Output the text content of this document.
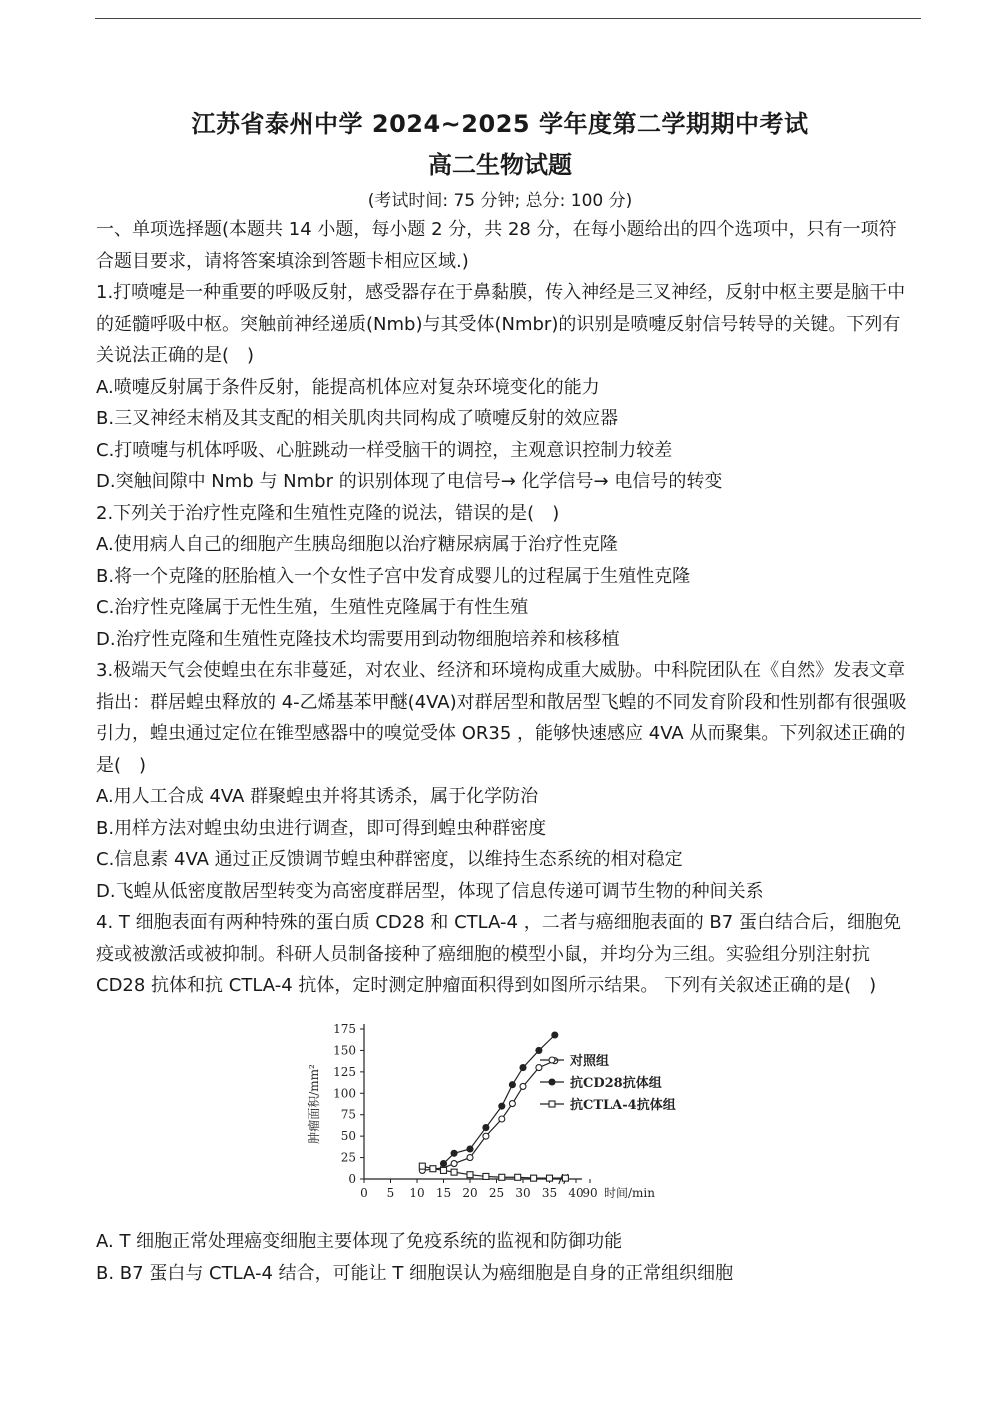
江苏省泰州中学 2024~2025 学年度第二学期期中考试
高二生物试题
(考试时间: 75 分钟; 总分: 100 分)

一、单项选择题(本题共 14 小题，每小题 2 分，共 28 分，在每小题给出的四个选项中，只有一项符合题目要求，请将答案填涂到答题卡相应区域.)

1.打喷嚏是一种重要的呼吸反射，感受器存在于鼻黏膜，传入神经是三叉神经，反射中枢主要是脑干中的延髓呼吸中枢。突触前神经递质(Nmb)与其受体(Nmbr)的识别是喷嚏反射信号转导的关键。下列有关说法正确的是(　)

A.喷嚏反射属于条件反射，能提高机体应对复杂环境变化的能力

B.三叉神经末梢及其支配的相关肌肉共同构成了喷嚏反射的效应器

C.打喷嚏与机体呼吸、心脏跳动一样受脑干的调控，主观意识控制力较差

D.突触间隙中 Nmb 与 Nmbr 的识别体现了电信号→ 化学信号→ 电信号的转变

2.下列关于治疗性克隆和生殖性克隆的说法，错误的是(　)

A.使用病人自己的细胞产生胰岛细胞以治疗糖尿病属于治疗性克隆

B.将一个克隆的胚胎植入一个女性子宫中发育成婴儿的过程属于生殖性克隆

C.治疗性克隆属于无性生殖，生殖性克隆属于有性生殖

D.治疗性克隆和生殖性克隆技术均需要用到动物细胞培养和核移植

3.极端天气会使蝗虫在东非蔓延，对农业、经济和环境构成重大威胁。中科院团队在《自然》发表文章指出：群居蝗虫释放的 4-乙烯基苯甲醚(4VA)对群居型和散居型飞蝗的不同发育阶段和性别都有很强吸引力，蝗虫通过定位在锥型感器中的嗅觉受体 OR35 ，能够快速感应 4VA 从而聚集。下列叙述正确的是(　)

A.用人工合成 4VA 群聚蝗虫并将其诱杀，属于化学防治

B.用样方法对蝗虫幼虫进行调查，即可得到蝗虫种群密度

C.信息素 4VA 通过正反馈调节蝗虫种群密度，以维持生态系统的相对稳定

D.飞蝗从低密度散居型转变为高密度群居型，体现了信息传递可调节生物的种间关系

4. T 细胞表面有两种特殊的蛋白质 CD28 和 CTLA-4 ，二者与癌细胞表面的 B7 蛋白结合后，细胞免疫或被激活或被抑制。科研人员制备接种了癌细胞的模型小鼠，并均分为三组。实验组分别注射抗 CD28 抗体和抗 CTLA-4 抗体，定时测定肿瘤面积得到如图所示结果。 下列有关叙述正确的是(　)

0
25
50
75
100
125
150
175
0 5 10 15 20 25 30 35 40
90 时间/min
肿瘤面积/mm²
对照组
抗CD28抗体组
抗CTLA-4抗体组

A. T 细胞正常处理癌变细胞主要体现了免疫系统的监视和防御功能

B. B7 蛋白与 CTLA-4 结合，可能让 T 细胞误认为癌细胞是自身的正常组织细胞
